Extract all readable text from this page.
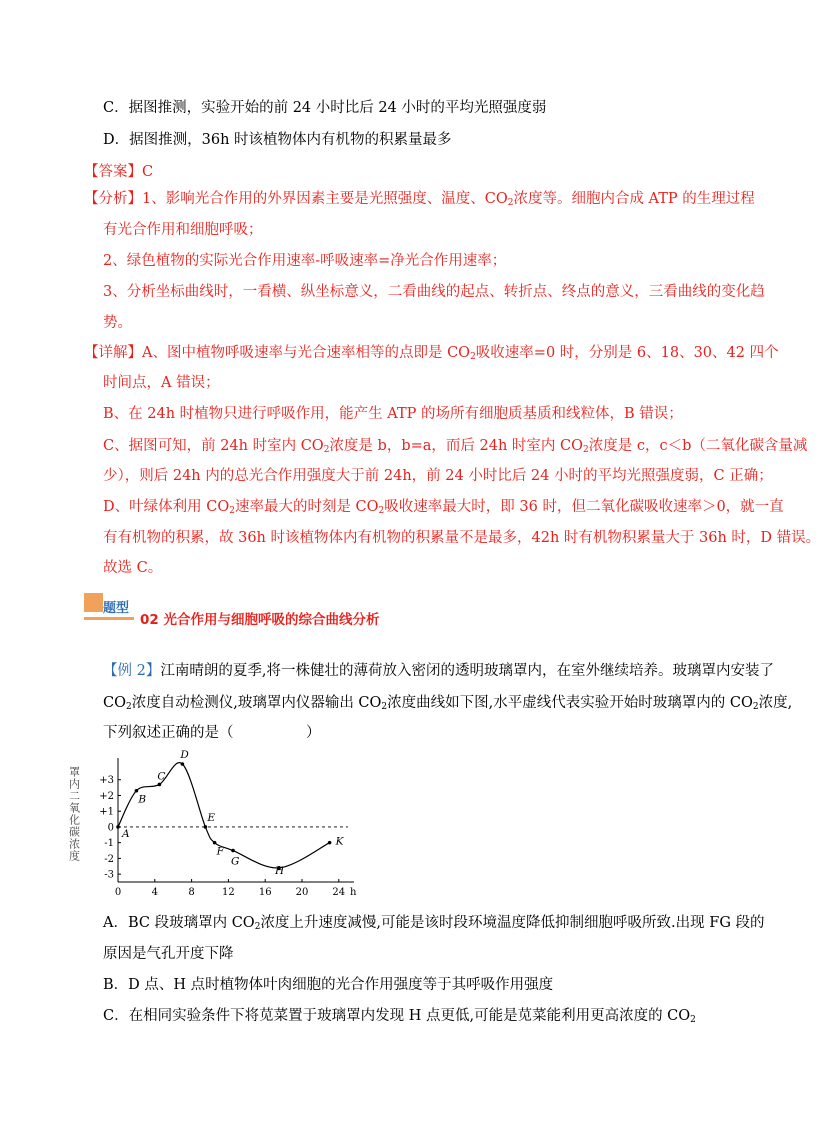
C．据图推测，实验开始的前 24 小时比后 24 小时的平均光照强度弱
D．据图推测，36h 时该植物体内有机物的积累量最多
【答案】C
【分析】1、影响光合作用的外界因素主要是光照强度、温度、$CO_2$浓度等。细胞内合成 ATP 的生理过程
有光合作用和细胞呼吸；
2、绿色植物的实际光合作用速率-呼吸速率=净光合作用速率；
3、分析坐标曲线时，一看横、纵坐标意义，二看曲线的起点、转折点、终点的意义，三看曲线的变化趋
势。
【详解】A、图中植物呼吸速率与光合速率相等的点即是 $CO_2$吸收速率=0 时，分别是 6、18、30、42 四个
时间点，A 错误；
B、在 24h 时植物只进行呼吸作用，能产生 ATP 的场所有细胞质基质和线粒体，B 错误；
C、据图可知，前 24h 时室内 $CO_2$浓度是 b，b=a，而后 24h 时室内 $CO_2$浓度是 c，c＜b（二氧化碳含量减
少），则后 24h 内的总光合作用强度大于前 24h，前 24 小时比后 24 小时的平均光照强度弱，C 正确；
D、叶绿体利用 $CO_2$速率最大的时刻是 $CO_2$吸收速率最大时，即 36 时，但二氧化碳吸收速率＞0，就一直
有有机物的积累，故 36h 时该植物体内有机物的积累量不是最多，42h 时有机物积累量大于 36h 时，D 错误。
故选 C。
题型
02 光合作用与细胞呼吸的综合曲线分析
【例 2】江南晴朗的夏季,将一株健壮的薄荷放入密闭的透明玻璃罩内，在室外继续培养。玻璃罩内安装了
$CO_2$浓度自动检测仪,玻璃罩内仪器输出 $CO_2$浓度曲线如下图,水平虚线代表实验开始时玻璃罩内的 $CO_2$浓度,
下列叙述正确的是（　　　　　）
罩内二氧化碳浓度 +3
+2
+1
0
-1
-2
-3
0	4	8	12 16 20 24 h
A
B
C
D
E
F
G
H
K
A．BC 段玻璃罩内 $CO_2$浓度上升速度减慢,可能是该时段环境温度降低抑制细胞呼吸所致.出现 FG 段的
原因是气孔开度下降
B．D 点、H 点时植物体叶肉细胞的光合作用强度等于其呼吸作用强度
C．在相同实验条件下将苋菜置于玻璃罩内发现 H 点更低,可能是苋菜能利用更高浓度的 $CO_2$
